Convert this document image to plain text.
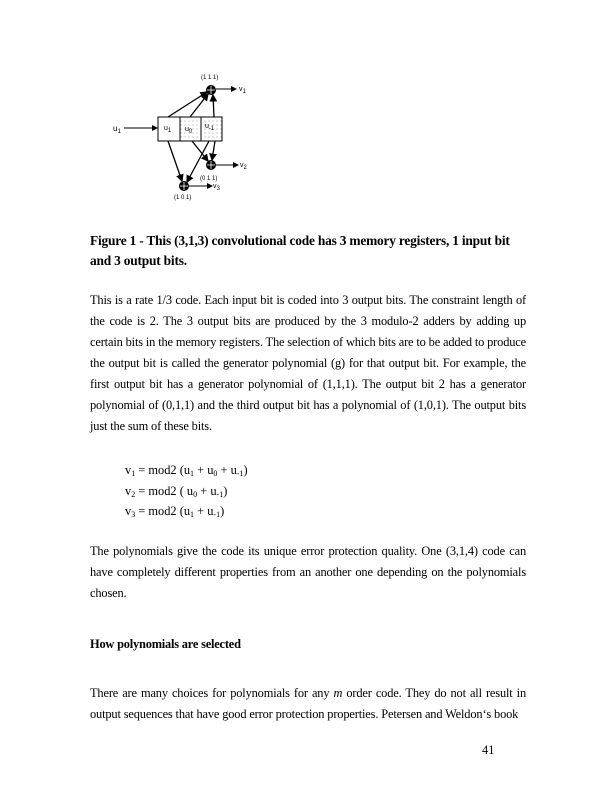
$u_1$	u1 u0
u-1
v1
v2
v3
(1 1 1)
(0 1 1)
(1 0 1)
Figure 1 - This (3,1,3) convolutional code has 3 memory registers, 1 input bit and 3 output bits.
This is a rate 1/3 code. Each input bit is coded into 3 output bits. The constraint length of the code is 2. The 3 output bits are produced by the 3 modulo-2 adders by adding up certain bits in the memory registers. The selection of which bits are to be added to produce the output bit is called the generator polynomial (g) for that output bit. For example, the first output bit has a generator polynomial of (1,1,1). The output bit 2 has a generator polynomial of (0,1,1) and the third output bit has a polynomial of (1,0,1). The output bits just the sum of these bits.
$v_1 = mod2$ $(u_1 + u_0 + u_{-1})$
$v_2 = mod2$ ( $u_0 + u_{-1}$)
$v_3 = mod2$ $(u_1 + u_{-1})$
The polynomials give the code its unique error protection quality. One (3,1,4) code can have completely different properties from an another one depending on the polynomials chosen.
How polynomials are selected
There are many choices for polynomials for any m order code. They do not all result in output sequences that have good error protection properties. Petersen and Weldon‘s book
41
